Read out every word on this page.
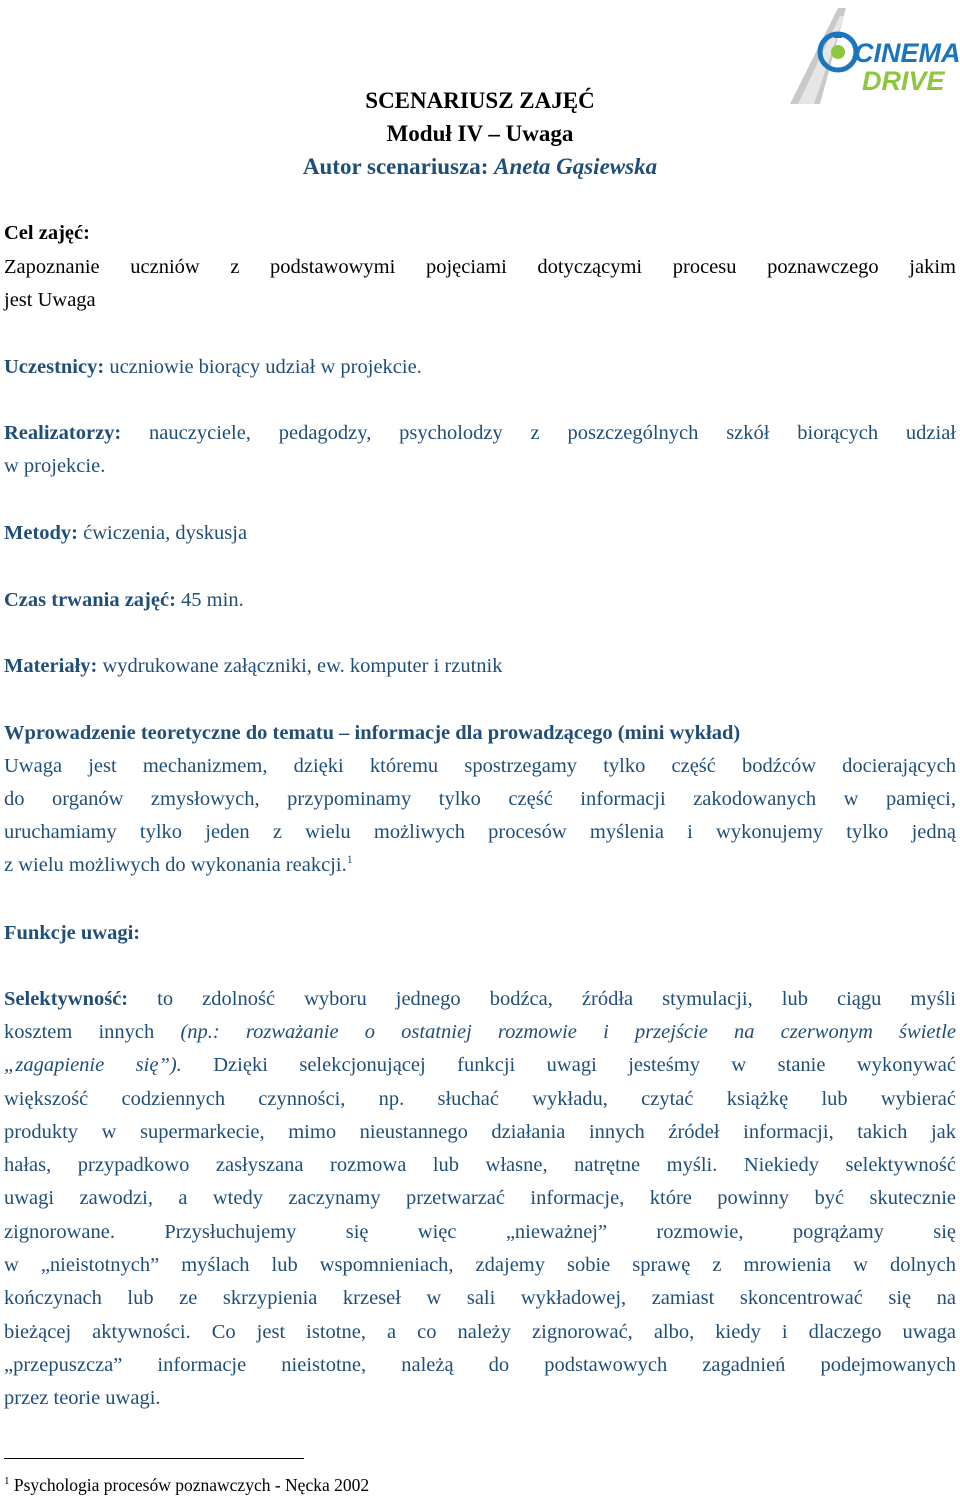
CINEMA
DRIVE
SCENARIUSZ ZAJĘĆ
Moduł IV – Uwaga
Autor scenariusza: Aneta Gąsiewska
Cel zajęć:
Zapoznanie uczniów z podstawowymi pojęciami dotyczącymi procesu poznawczego jakim
jest Uwaga
Uczestnicy: uczniowie biorący udział w projekcie.
Realizatorzy: nauczyciele, pedagodzy, psycholodzy z poszczególnych szkół biorących udział
w projekcie.
Metody: ćwiczenia, dyskusja
Czas trwania zajęć: 45 min.
Materiały: wydrukowane załączniki, ew. komputer i rzutnik
Wprowadzenie teoretyczne do tematu – informacje dla prowadzącego (mini wykład)
Uwaga jest mechanizmem, dzięki któremu spostrzegamy tylko część bodźców docierających
do organów zmysłowych, przypominamy tylko część informacji zakodowanych w pamięci,
uruchamiamy tylko jeden z wielu możliwych procesów myślenia i wykonujemy tylko jedną
z wielu możliwych do wykonania reakcji.$^1$
Funkcje uwagi:
Selektywność: to zdolność wyboru jednego bodźca, źródła stymulacji, lub ciągu myśli
kosztem innych (np.: rozważanie o ostatniej rozmowie i przejście na czerwonym świetle
„zagapienie się”). Dzięki selekcjonującej funkcji uwagi jesteśmy w stanie wykonywać
większość codziennych czynności, np. słuchać wykładu, czytać książkę lub wybierać
produkty w supermarkecie, mimo nieustannego działania innych źródeł informacji, takich jak
hałas, przypadkowo zasłyszana rozmowa lub własne, natrętne myśli. Niekiedy selektywność
uwagi zawodzi, a wtedy zaczynamy przetwarzać informacje, które powinny być skutecznie
zignorowane. Przysłuchujemy się więc „nieważnej” rozmowie, pogrążamy się
w „nieistotnych” myślach lub wspomnieniach, zdajemy sobie sprawę z mrowienia w dolnych
kończynach lub ze skrzypienia krzeseł w sali wykładowej, zamiast skoncentrować się na
bieżącej aktywności. Co jest istotne, a co należy zignorować, albo, kiedy i dlaczego uwaga
„przepuszcza” informacje nieistotne, należą do podstawowych zagadnień podejmowanych
przez teorie uwagi.
$^1$ Psychologia procesów poznawczych - Nęcka 2002
